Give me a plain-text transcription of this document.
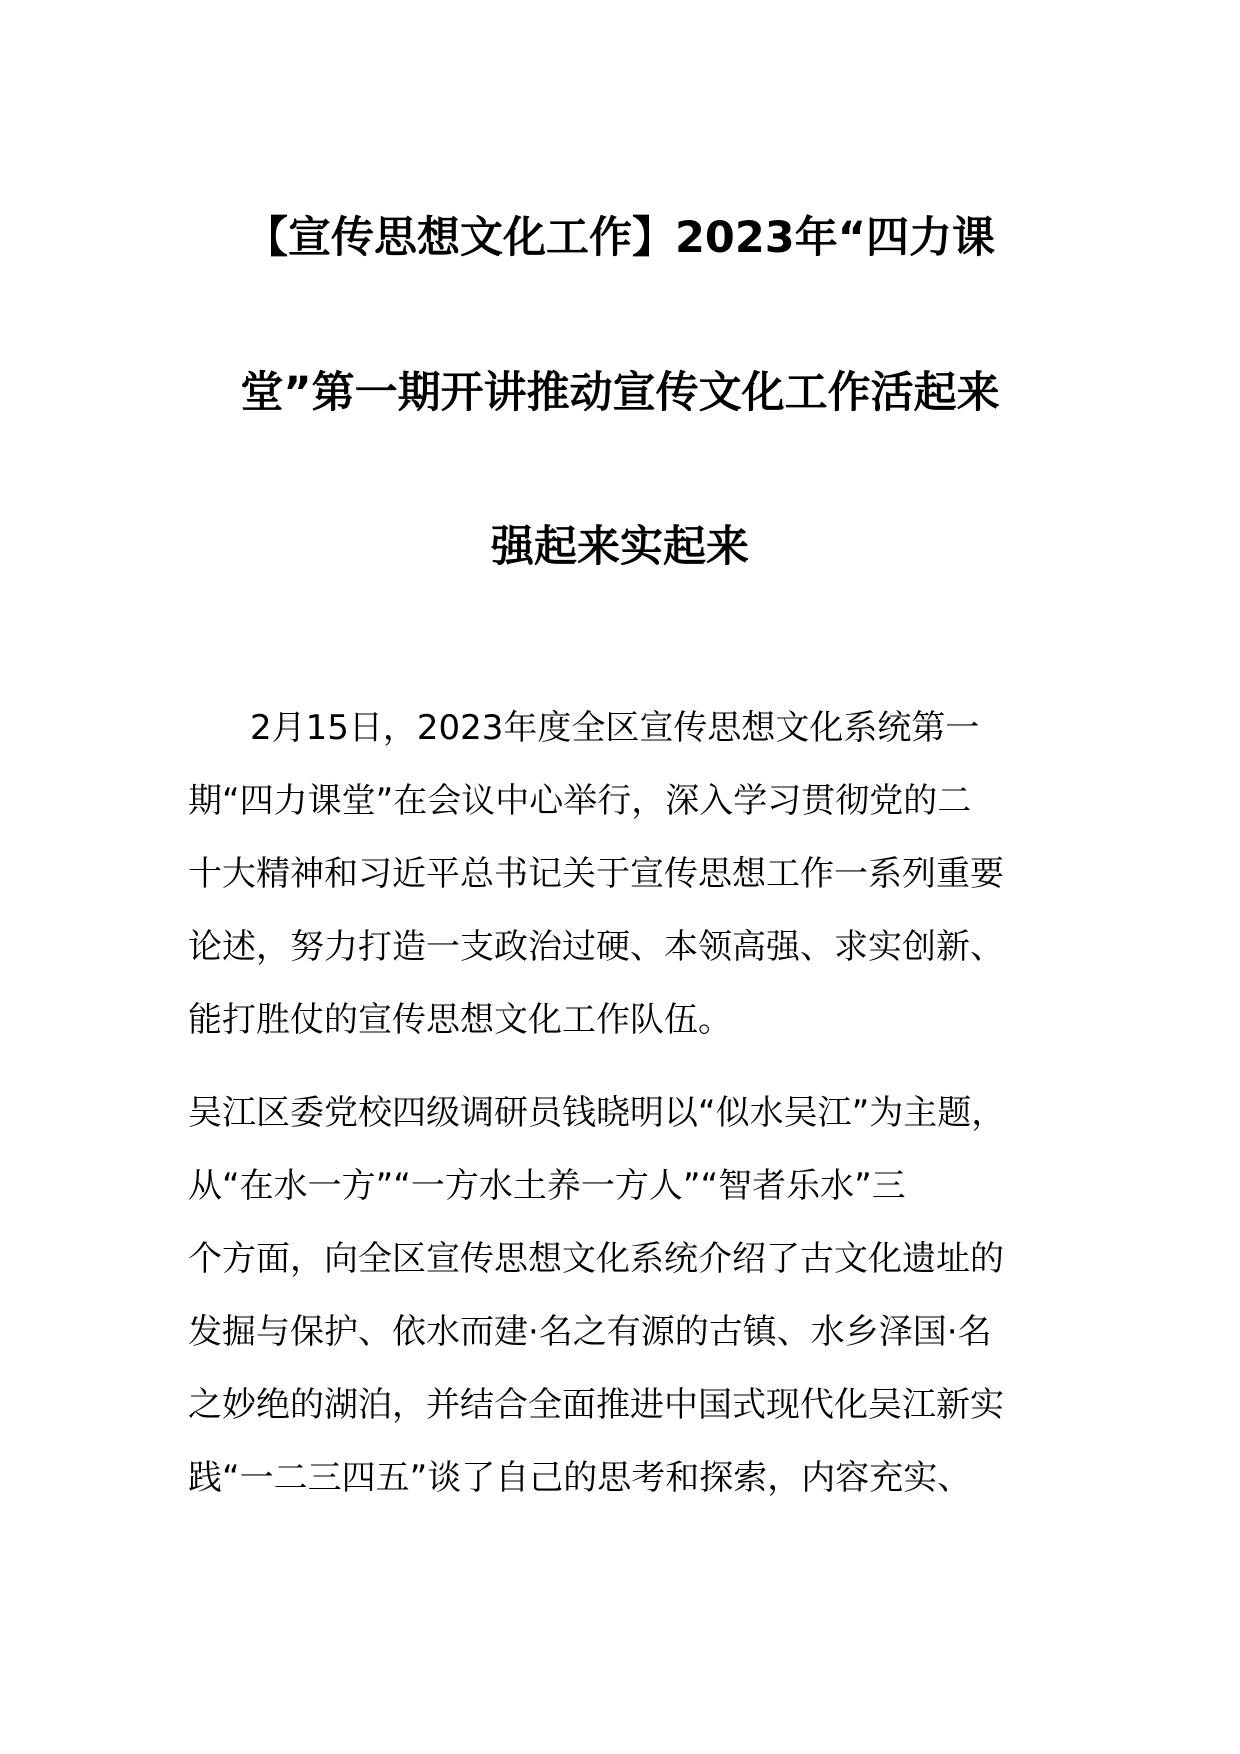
【宣传思想文化工作】2023年“四力课
堂”第一期开讲推动宣传文化工作活起来
强起来实起来
2月15日，2023年度全区宣传思想文化系统第一
期“四力课堂”在会议中心举行，深入学习贯彻党的二
十大精神和习近平总书记关于宣传思想工作一系列重要
论述，努力打造一支政治过硬、本领高强、求实创新、
能打胜仗的宣传思想文化工作队伍。
吴江区委党校四级调研员钱晓明以“似水吴江”为主题，
从“在水一方”“一方水土养一方人”“智者乐水”三
个方面，向全区宣传思想文化系统介绍了古文化遗址的
发掘与保护、依水而建·名之有源的古镇、水乡泽国·名
之妙绝的湖泊，并结合全面推进中国式现代化吴江新实
践“一二三四五”谈了自己的思考和探索，内容充实、
